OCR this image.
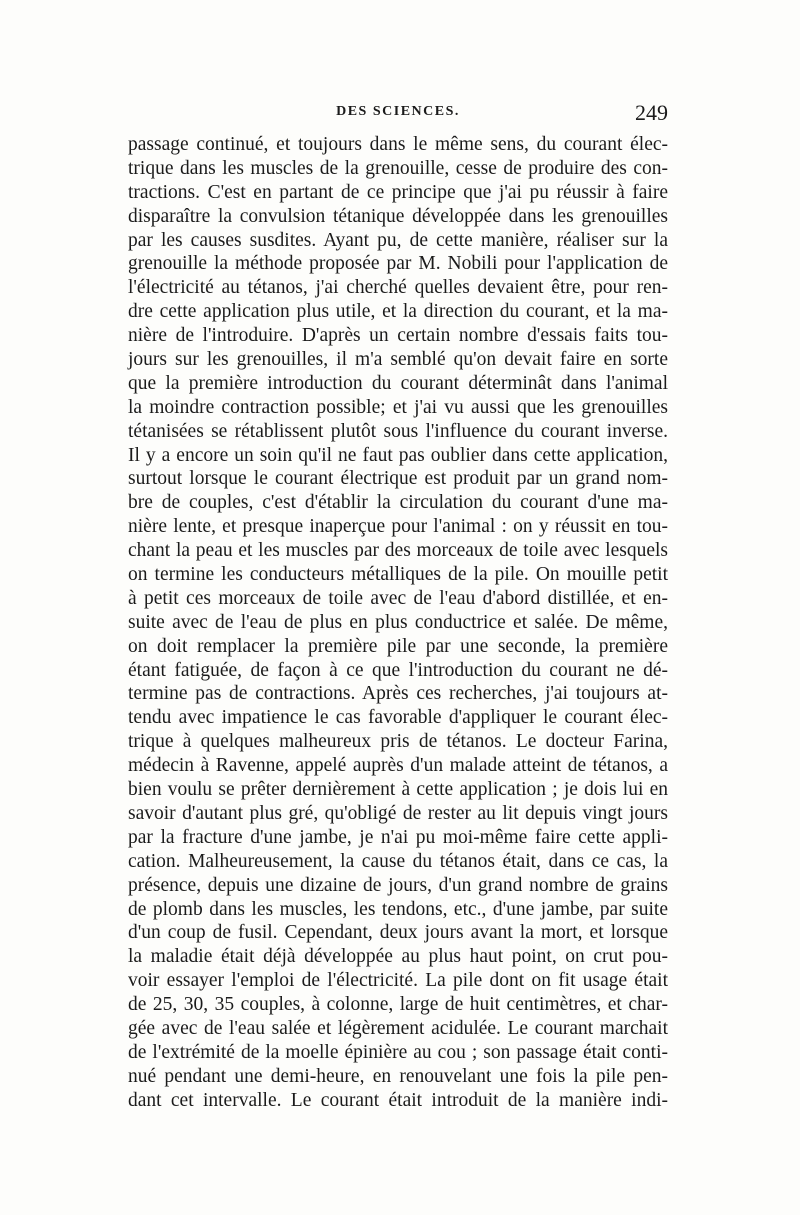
DES SCIENCES.	249
passage continué, et toujours dans le même sens, du courant élec-
trique dans les muscles de la grenouille, cesse de produire des con-
tractions. C'est en partant de ce principe que j'ai pu réussir à faire
disparaître la convulsion tétanique développée dans les grenouilles
par les causes susdites. Ayant pu, de cette manière, réaliser sur la
grenouille la méthode proposée par M. Nobili pour l'application de
l'électricité au tétanos, j'ai cherché quelles devaient être, pour ren-
dre cette application plus utile, et la direction du courant, et la ma-
nière de l'introduire. D'après un certain nombre d'essais faits tou-
jours sur les grenouilles, il m'a semblé qu'on devait faire en sorte
que la première introduction du courant déterminât dans l'animal
la moindre contraction possible; et j'ai vu aussi que les grenouilles
tétanisées se rétablissent plutôt sous l'influence du courant inverse.
Il y a encore un soin qu'il ne faut pas oublier dans cette application,
surtout lorsque le courant électrique est produit par un grand nom-
bre de couples, c'est d'établir la circulation du courant d'une ma-
nière lente, et presque inaperçue pour l'animal : on y réussit en tou-
chant la peau et les muscles par des morceaux de toile avec lesquels
on termine les conducteurs métalliques de la pile. On mouille petit
à petit ces morceaux de toile avec de l'eau d'abord distillée, et en-
suite avec de l'eau de plus en plus conductrice et salée. De même,
on doit remplacer la première pile par une seconde, la première
étant fatiguée, de façon à ce que l'introduction du courant ne dé-
termine pas de contractions. Après ces recherches, j'ai toujours at-
tendu avec impatience le cas favorable d'appliquer le courant élec-
trique à quelques malheureux pris de tétanos. Le docteur Farina,
médecin à Ravenne, appelé auprès d'un malade atteint de tétanos, a
bien voulu se prêter dernièrement à cette application ; je dois lui en
savoir d'autant plus gré, qu'obligé de rester au lit depuis vingt jours
par la fracture d'une jambe, je n'ai pu moi-même faire cette appli-
cation. Malheureusement, la cause du tétanos était, dans ce cas, la
présence, depuis une dizaine de jours, d'un grand nombre de grains
de plomb dans les muscles, les tendons, etc., d'une jambe, par suite
d'un coup de fusil. Cependant, deux jours avant la mort, et lorsque
la maladie était déjà développée au plus haut point, on crut pou-
voir essayer l'emploi de l'électricité. La pile dont on fit usage était
de 25, 30, 35 couples, à colonne, large de huit centimètres, et char-
gée avec de l'eau salée et légèrement acidulée. Le courant marchait
de l'extrémité de la moelle épinière au cou ; son passage était conti-
nué pendant une demi-heure, en renouvelant une fois la pile pen-
dant cet intervalle. Le courant était introduit de la manière indi-
